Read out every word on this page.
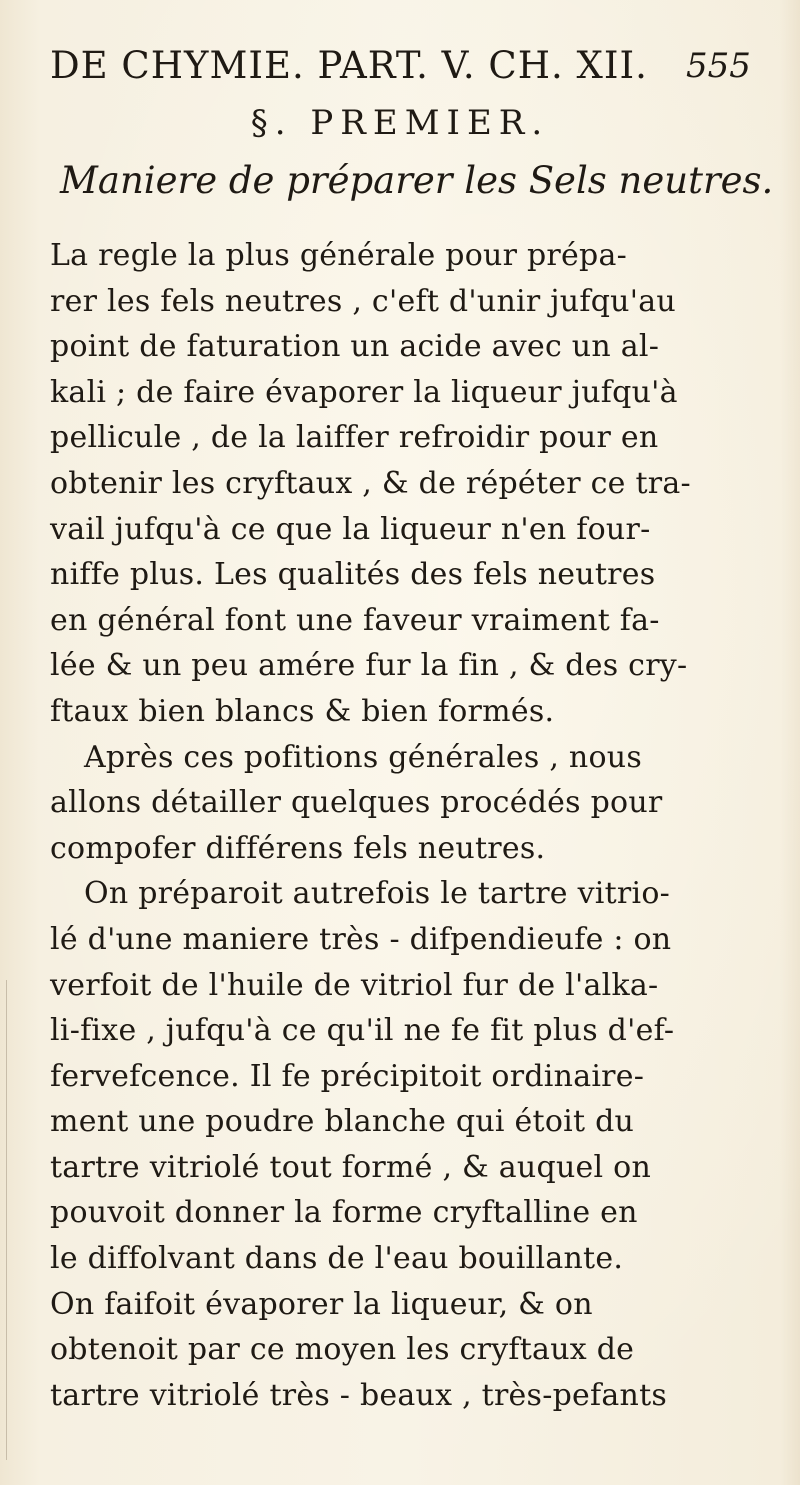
DE CHYMIE. PART. V. CH. XII. 555
§. PREMIER.
Maniere de préparer les Sels neutres.
La regle la plus générale pour prépa-
rer les fels neutres , c'eft d'unir jufqu'au
point de faturation un acide avec un al-
kali ; de faire évaporer la liqueur jufqu'à
pellicule , de la laiffer refroidir pour en
obtenir les cryftaux , & de répéter ce tra-
vail jufqu'à ce que la liqueur n'en four-
niffe plus. Les qualités des fels neutres
en général font une faveur vraiment fa-
lée & un peu amére fur la fin , & des cry-
ftaux bien blancs & bien formés.
Après ces pofitions générales , nous
allons détailler quelques procédés pour
compofer différens fels neutres.
On préparoit autrefois le tartre vitrio-
lé d'une maniere très - difpendieufe : on
verfoit de l'huile de vitriol fur de l'alka-
li-fixe , jufqu'à ce qu'il ne fe fit plus d'ef-
fervefcence. Il fe précipitoit ordinaire-
ment une poudre blanche qui étoit du
tartre vitriolé tout formé , & auquel on
pouvoit donner la forme cryftalline en
le diffolvant dans de l'eau bouillante.
On faifoit évaporer la liqueur, & on
obtenoit par ce moyen les cryftaux de
tartre vitriolé très - beaux , très-pefants
